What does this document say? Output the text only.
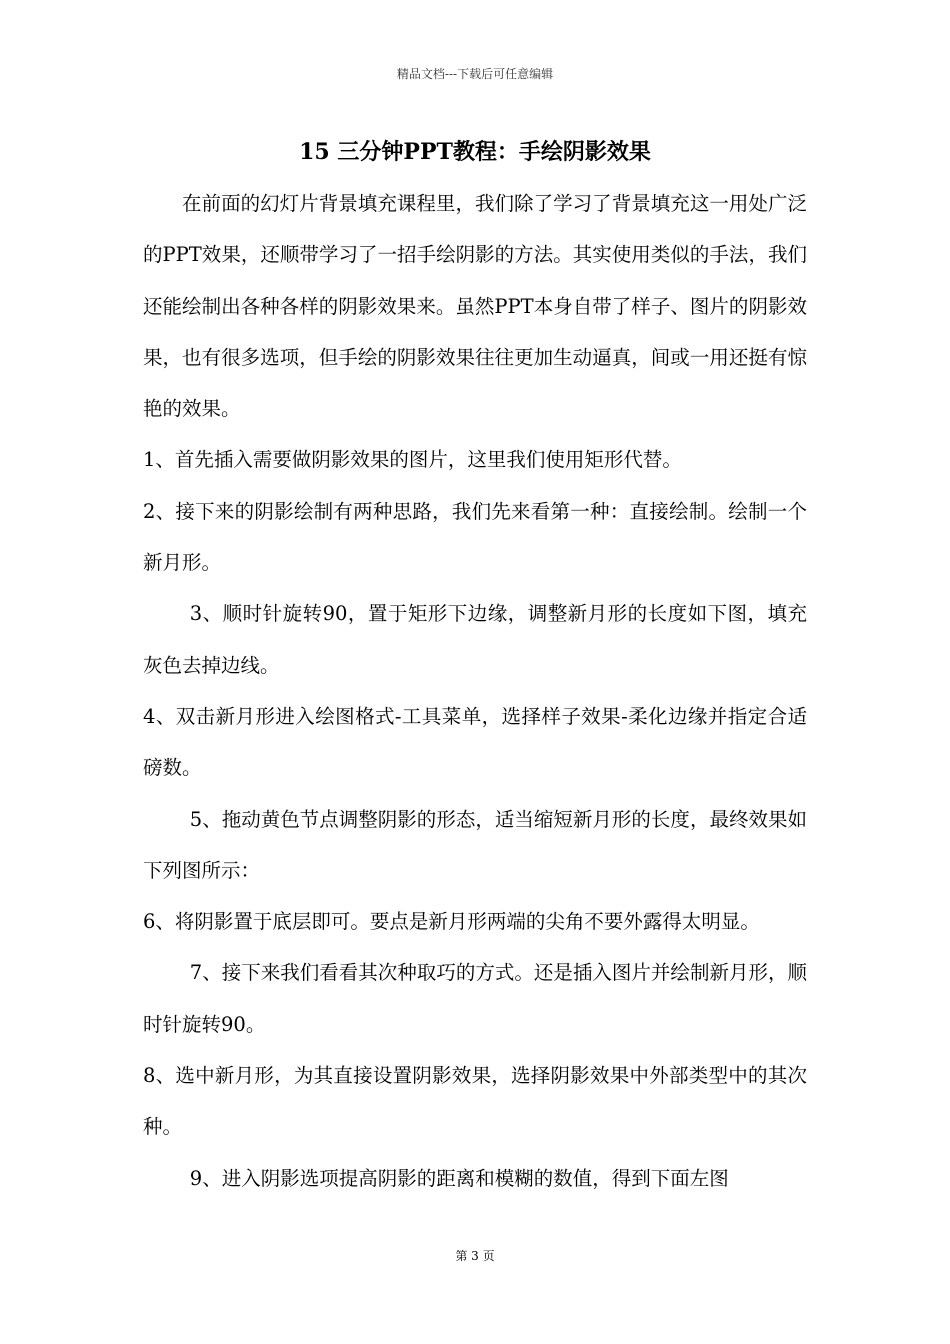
精品文档---下载后可任意编辑
15 三分钟PPT教程：手绘阴影效果

在前面的幻灯片背景填充课程里，我们除了学习了背景填充这一用处广泛的PPT效果，还顺带学习了一招手绘阴影的方法。其实使用类似的手法，我们还能绘制出各种各样的阴影效果来。虽然PPT本身自带了样子、图片的阴影效果，也有很多选项，但手绘的阴影效果往往更加生动逼真，间或一用还挺有惊艳的效果。

1、首先插入需要做阴影效果的图片，这里我们使用矩形代替。

2、接下来的阴影绘制有两种思路，我们先来看第一种：直接绘制。绘制一个新月形。

3、顺时针旋转90，置于矩形下边缘，调整新月形的长度如下图，填充灰色去掉边线。

4、双击新月形进入绘图格式-工具菜单，选择样子效果-柔化边缘并指定合适磅数。

5、拖动黄色节点调整阴影的形态，适当缩短新月形的长度，最终效果如下列图所示：

6、将阴影置于底层即可。要点是新月形两端的尖角不要外露得太明显。

7、接下来我们看看其次种取巧的方式。还是插入图片并绘制新月形，顺时针旋转90。

8、选中新月形，为其直接设置阴影效果，选择阴影效果中外部类型中的其次种。

9、进入阴影选项提高阴影的距离和模糊的数值，得到下面左图

第 3 页
